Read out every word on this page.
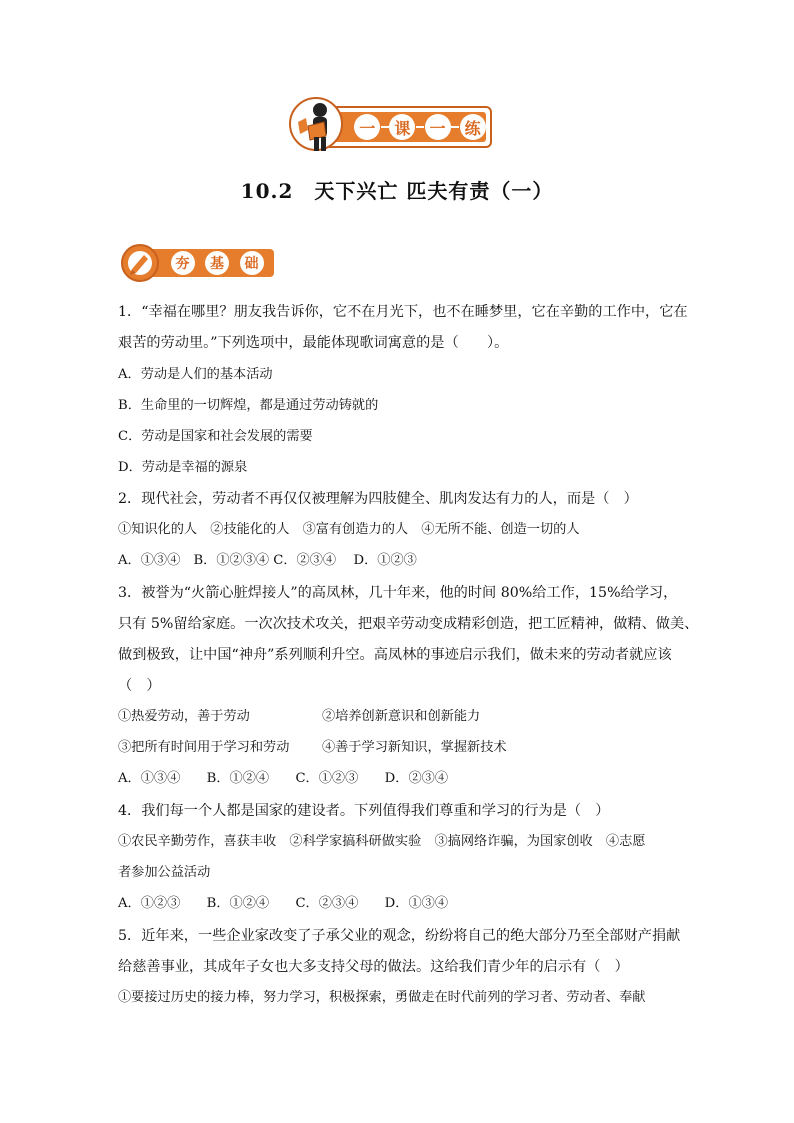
一	课	一	练
10.2　天下兴亡 匹夫有责（一）
夯	基	础
1．“幸福在哪里？朋友我告诉你，它不在月光下，也不在睡梦里，它在辛勤的工作中，它在
艰苦的劳动里。”下列选项中，最能体现歌词寓意的是（　　）。
A．劳动是人们的基本活动
B．生命里的一切辉煌，都是通过劳动铸就的
C．劳动是国家和社会发展的需要
D．劳动是幸福的源泉
2．现代社会，劳动者不再仅仅被理解为四肢健全、肌肉发达有力的人，而是（　）
①知识化的人　②技能化的人　③富有创造力的人　④无所不能、创造一切的人
A．①③④　B．①②③④ C．②③④　 D．①②③
3．被誉为“火箭心脏焊接人”的高凤林，几十年来，他的时间 80%给工作，15%给学习，
只有 5%留给家庭。一次次技术攻关，把艰辛劳动变成精彩创造，把工匠精神，做精、做美、
做到极致，让中国“神舟”系列顺利升空。高凤林的事迹启示我们，做未来的劳动者就应该
（　）
①热爱劳动，善于劳动	②培养创新意识和创新能力
③把所有时间用于学习和劳动 ④善于学习新知识，掌握新技术
A．①③④　　B．①②④　　C．①②③　　D．②③④
4．我们每一个人都是国家的建设者。下列值得我们尊重和学习的行为是（　）
①农民辛勤劳作，喜获丰收　②科学家搞科研做实验　③搞网络诈骗，为国家创收　④志愿
者参加公益活动
A．①②③　　B．①②④　　C．②③④　　D．①③④
5．近年来，一些企业家改变了子承父业的观念，纷纷将自己的绝大部分乃至全部财产捐献
给慈善事业，其成年子女也大多支持父母的做法。这给我们青少年的启示有（　）
①要接过历史的接力棒，努力学习，积极探索，勇做走在时代前列的学习者、劳动者、奉献
